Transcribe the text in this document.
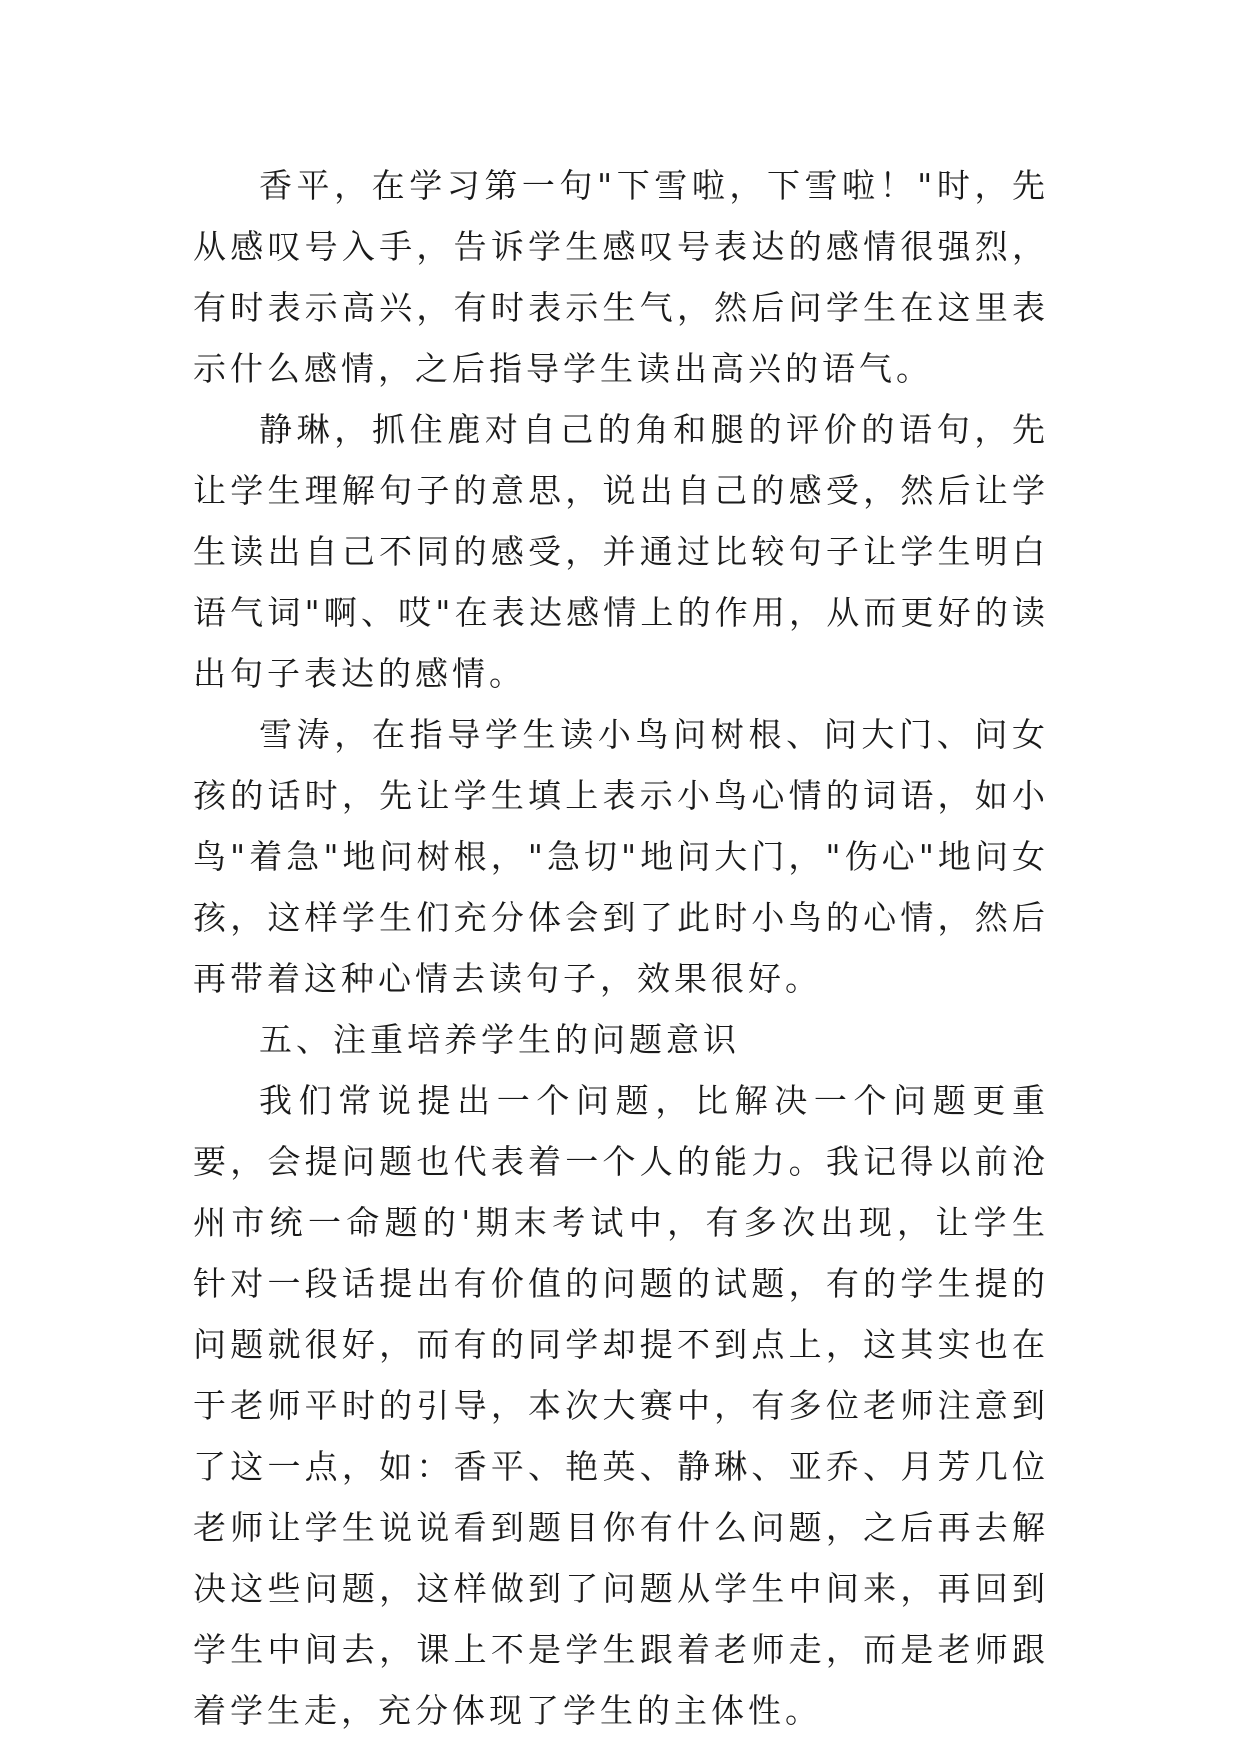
香平，在学习第一句"下雪啦，下雪啦！"时，先从感叹号入手，告诉学生感叹号表达的感情很强烈，有时表示高兴，有时表示生气，然后问学生在这里表示什么感情，之后指导学生读出高兴的语气。

静琳，抓住鹿对自己的角和腿的评价的语句，先让学生理解句子的意思，说出自己的感受，然后让学生读出自己不同的感受，并通过比较句子让学生明白语气词"啊、哎"在表达感情上的作用，从而更好的读出句子表达的感情。

雪涛，在指导学生读小鸟问树根、问大门、问女孩的话时，先让学生填上表示小鸟心情的词语，如小鸟"着急"地问树根，"急切"地问大门，"伤心"地问女孩，这样学生们充分体会到了此时小鸟的心情，然后再带着这种心情去读句子，效果很好。

五、注重培养学生的问题意识

我们常说提出一个问题，比解决一个问题更重要，会提问题也代表着一个人的能力。我记得以前沧州市统一命题的'期末考试中，有多次出现，让学生针对一段话提出有价值的问题的试题，有的学生提的问题就很好，而有的同学却提不到点上，这其实也在于老师平时的引导，本次大赛中，有多位老师注意到了这一点，如：香平、艳英、静琳、亚乔、月芳几位老师让学生说说看到题目你有什么问题，之后再去解决这些问题，这样做到了问题从学生中间来，再回到学生中间去，课上不是学生跟着老师走，而是老师跟着学生走，充分体现了学生的主体性。
